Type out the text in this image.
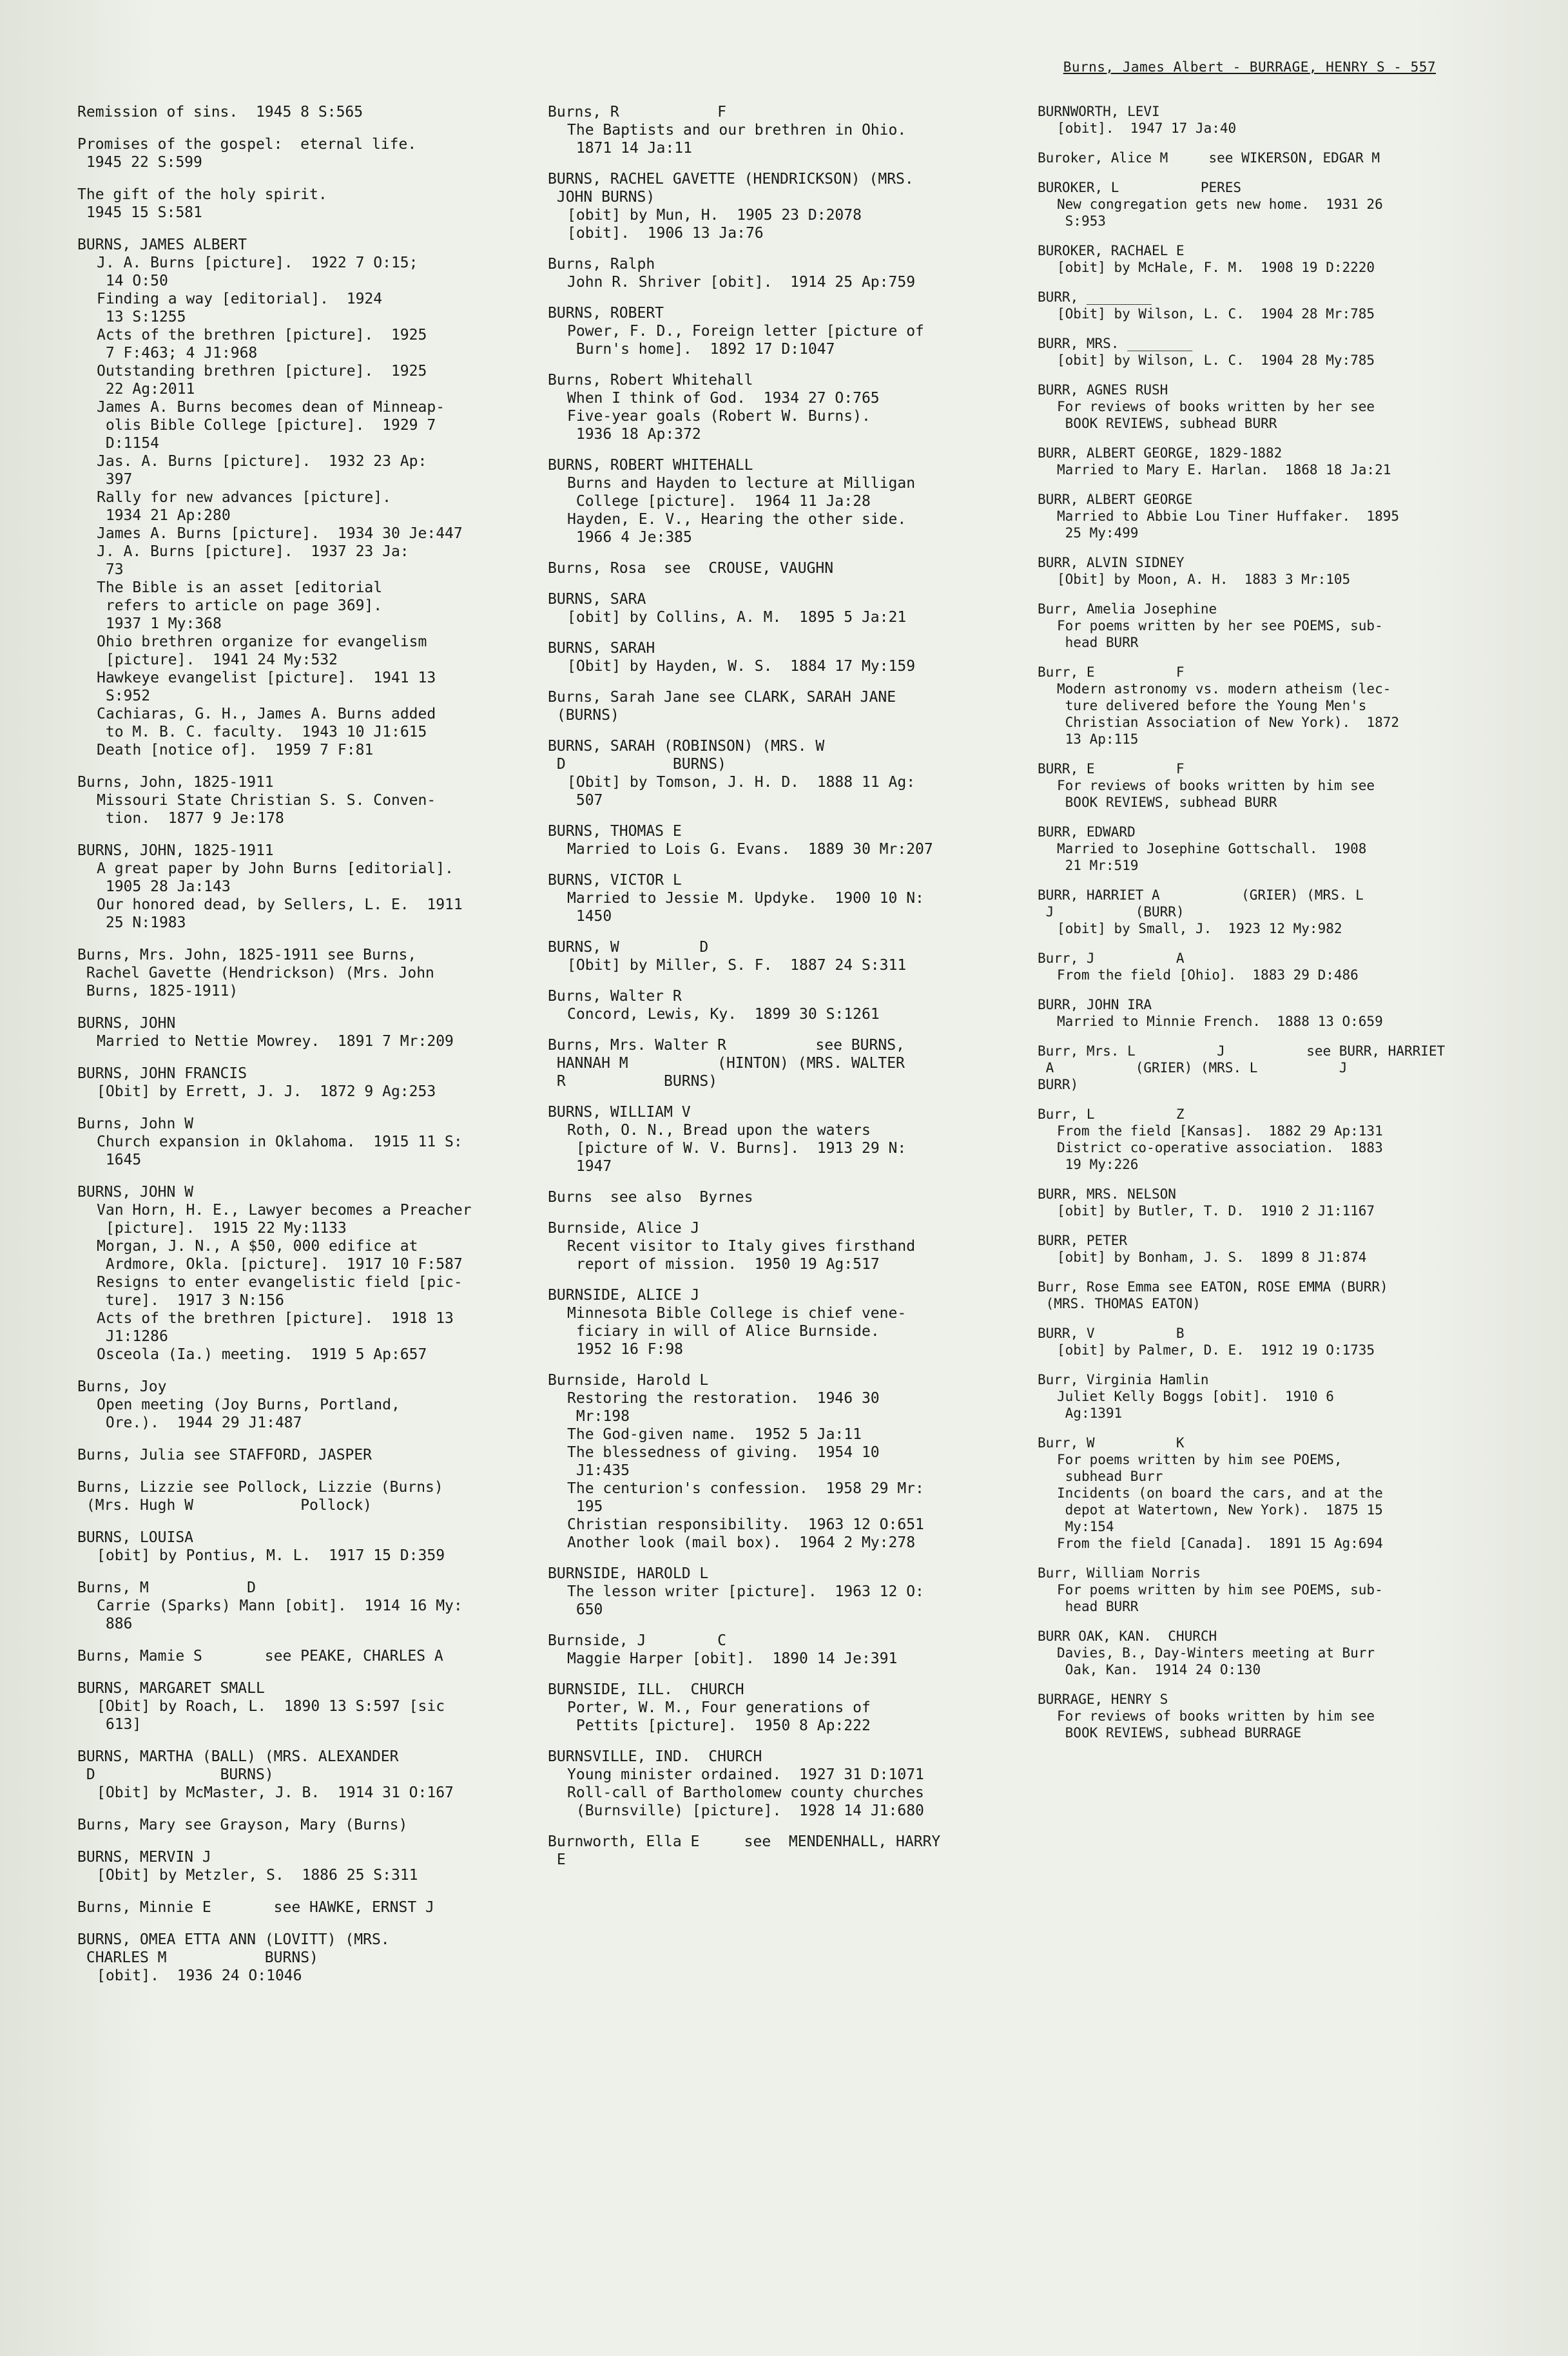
Burns, James Albert - BURRAGE, HENRY S - 557
Remission of sins.  1945 8 S:565
Promises of the gospel:  eternal life.
1945 22 S:599
The gift of the holy spirit.
1945 15 S:581
BURNS, JAMES ALBERT
J. A. Burns [picture].  1922 7 O:15;
14 O:50
Finding a way [editorial].  1924
13 S:1255
Acts of the brethren [picture].  1925
7 F:463; 4 J1:968
Outstanding brethren [picture].  1925
22 Ag:2011
James A. Burns becomes dean of Minneap-
olis Bible College [picture].  1929 7
D:1154
Jas. A. Burns [picture].  1932 23 Ap:
397
Rally for new advances [picture].
1934 21 Ap:280
James A. Burns [picture].  1934 30 Je:447
J. A. Burns [picture].  1937 23 Ja:
73
The Bible is an asset [editorial
refers to article on page 369].
1937 1 My:368
Ohio brethren organize for evangelism
[picture].  1941 24 My:532
Hawkeye evangelist [picture].  1941 13
S:952
Cachiaras, G. H., James A. Burns added
to M. B. C. faculty.  1943 10 J1:615
Death [notice of].  1959 7 F:81
Burns, John, 1825-1911
Missouri State Christian S. S. Conven-
tion.  1877 9 Je:178
BURNS, JOHN, 1825-1911
A great paper by John Burns [editorial].
1905 28 Ja:143
Our honored dead, by Sellers, L. E.  1911
25 N:1983
Burns, Mrs. John, 1825-1911 see Burns,
Rachel Gavette (Hendrickson) (Mrs. John
Burns, 1825-1911)
BURNS, JOHN
Married to Nettie Mowrey.  1891 7 Mr:209
BURNS, JOHN FRANCIS
[Obit] by Errett, J. J.  1872 9 Ag:253
Burns, John W
Church expansion in Oklahoma.  1915 11 S:
1645
BURNS, JOHN W
Van Horn, H. E., Lawyer becomes a Preacher
[picture].  1915 22 My:1133
Morgan, J. N., A $50, 000 edifice at
Ardmore, Okla. [picture].  1917 10 F:587
Resigns to enter evangelistic field [pic-
ture].  1917 3 N:156
Acts of the brethren [picture].  1918 13
J1:1286
Osceola (Ia.) meeting.  1919 5 Ap:657
Burns, Joy
Open meeting (Joy Burns, Portland,
Ore.).  1944 29 J1:487
Burns, Julia see STAFFORD, JASPER
Burns, Lizzie see Pollock, Lizzie (Burns)
(Mrs. Hugh W            Pollock)
BURNS, LOUISA
[obit] by Pontius, M. L.  1917 15 D:359
Burns, M           D
Carrie (Sparks) Mann [obit].  1914 16 My:
886
Burns, Mamie S       see PEAKE, CHARLES A
BURNS, MARGARET SMALL
[Obit] by Roach, L.  1890 13 S:597 [sic
613]
BURNS, MARTHA (BALL) (MRS. ALEXANDER
D              BURNS)
[Obit] by McMaster, J. B.  1914 31 O:167
Burns, Mary see Grayson, Mary (Burns)
BURNS, MERVIN J
[Obit] by Metzler, S.  1886 25 S:311
Burns, Minnie E       see HAWKE, ERNST J
BURNS, OMEA ETTA ANN (LOVITT) (MRS.
CHARLES M           BURNS)
[obit].  1936 24 O:1046
Burns, R           F
The Baptists and our brethren in Ohio.
1871 14 Ja:11
BURNS, RACHEL GAVETTE (HENDRICKSON) (MRS.
JOHN BURNS)
[obit] by Mun, H.  1905 23 D:2078
[obit].  1906 13 Ja:76
Burns, Ralph
John R. Shriver [obit].  1914 25 Ap:759
BURNS, ROBERT
Power, F. D., Foreign letter [picture of
Burn's home].  1892 17 D:1047
Burns, Robert Whitehall
When I think of God.  1934 27 O:765
Five-year goals (Robert W. Burns).
1936 18 Ap:372
BURNS, ROBERT WHITEHALL
Burns and Hayden to lecture at Milligan
College [picture].  1964 11 Ja:28
Hayden, E. V., Hearing the other side.
1966 4 Je:385
Burns, Rosa  see  CROUSE, VAUGHN
BURNS, SARA
[obit] by Collins, A. M.  1895 5 Ja:21
BURNS, SARAH
[Obit] by Hayden, W. S.  1884 17 My:159
Burns, Sarah Jane see CLARK, SARAH JANE
(BURNS)
BURNS, SARAH (ROBINSON) (MRS. W
D            BURNS)
[Obit] by Tomson, J. H. D.  1888 11 Ag:
507
BURNS, THOMAS E
Married to Lois G. Evans.  1889 30 Mr:207
BURNS, VICTOR L
Married to Jessie M. Updyke.  1900 10 N:
1450
BURNS, W         D
[Obit] by Miller, S. F.  1887 24 S:311
Burns, Walter R
Concord, Lewis, Ky.  1899 30 S:1261
Burns, Mrs. Walter R          see BURNS,
HANNAH M          (HINTON) (MRS. WALTER
R           BURNS)
BURNS, WILLIAM V
Roth, O. N., Bread upon the waters
[picture of W. V. Burns].  1913 29 N:
1947
Burns  see also  Byrnes
Burnside, Alice J
Recent visitor to Italy gives firsthand
report of mission.  1950 19 Ag:517
BURNSIDE, ALICE J
Minnesota Bible College is chief vene-
ficiary in will of Alice Burnside.
1952 16 F:98
Burnside, Harold L
Restoring the restoration.  1946 30
Mr:198
The God-given name.  1952 5 Ja:11
The blessedness of giving.  1954 10
J1:435
The centurion's confession.  1958 29 Mr:
195
Christian responsibility.  1963 12 O:651
Another look (mail box).  1964 2 My:278
BURNSIDE, HAROLD L
The lesson writer [picture].  1963 12 O:
650
Burnside, J        C
Maggie Harper [obit].  1890 14 Je:391
BURNSIDE, ILL.  CHURCH
Porter, W. M., Four generations of
Pettits [picture].  1950 8 Ap:222
BURNSVILLE, IND.  CHURCH
Young minister ordained.  1927 31 D:1071
Roll-call of Bartholomew county churches
(Burnsville) [picture].  1928 14 J1:680
Burnworth, Ella E     see  MENDENHALL, HARRY
E
BURNWORTH, LEVI
[obit].  1947 17 Ja:40
Buroker, Alice M     see WIKERSON, EDGAR M
BUROKER, L          PERES
New congregation gets new home.  1931 26
S:953
BUROKER, RACHAEL E
[obit] by McHale, F. M.  1908 19 D:2220
BURR, ________
[Obit] by Wilson, L. C.  1904 28 Mr:785
BURR, MRS. ________
[obit] by Wilson, L. C.  1904 28 My:785
BURR, AGNES RUSH
For reviews of books written by her see
BOOK REVIEWS, subhead BURR
BURR, ALBERT GEORGE, 1829-1882
Married to Mary E. Harlan.  1868 18 Ja:21
BURR, ALBERT GEORGE
Married to Abbie Lou Tiner Huffaker.  1895
25 My:499
BURR, ALVIN SIDNEY
[Obit] by Moon, A. H.  1883 3 Mr:105
Burr, Amelia Josephine
For poems written by her see POEMS, sub-
head BURR
Burr, E          F
Modern astronomy vs. modern atheism (lec-
ture delivered before the Young Men's
Christian Association of New York).  1872
13 Ap:115
BURR, E          F
For reviews of books written by him see
BOOK REVIEWS, subhead BURR
BURR, EDWARD
Married to Josephine Gottschall.  1908
21 Mr:519
BURR, HARRIET A          (GRIER) (MRS. L
J          (BURR)
[obit] by Small, J.  1923 12 My:982
Burr, J          A
From the field [Ohio].  1883 29 D:486
BURR, JOHN IRA
Married to Minnie French.  1888 13 O:659
Burr, Mrs. L          J          see BURR, HARRIET
A          (GRIER) (MRS. L          J          BURR)
Burr, L          Z
From the field [Kansas].  1882 29 Ap:131
District co-operative association.  1883
19 My:226
BURR, MRS. NELSON
[obit] by Butler, T. D.  1910 2 J1:1167
BURR, PETER
[obit] by Bonham, J. S.  1899 8 J1:874
Burr, Rose Emma see EATON, ROSE EMMA (BURR)
(MRS. THOMAS EATON)
BURR, V          B
[obit] by Palmer, D. E.  1912 19 O:1735
Burr, Virginia Hamlin
Juliet Kelly Boggs [obit].  1910 6
Ag:1391
Burr, W          K
For poems written by him see POEMS,
subhead Burr
Incidents (on board the cars, and at the
depot at Watertown, New York).  1875 15
My:154
From the field [Canada].  1891 15 Ag:694
Burr, William Norris
For poems written by him see POEMS, sub-
head BURR
BURR OAK, KAN.  CHURCH
Davies, B., Day-Winters meeting at Burr
Oak, Kan.  1914 24 O:130
BURRAGE, HENRY S
For reviews of books written by him see
BOOK REVIEWS, subhead BURRAGE
